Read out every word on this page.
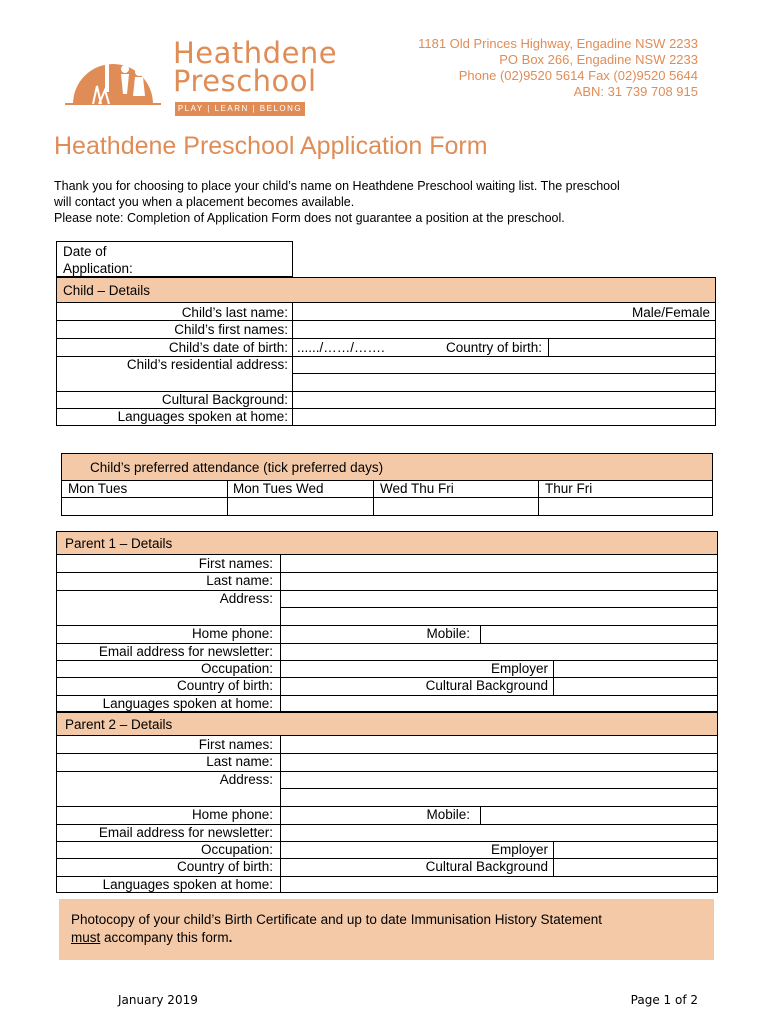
Heathdene
Preschool
PLAY | LEARN | BELONG
1181 Old Princes Highway, Engadine NSW 2233
PO Box 266, Engadine NSW 2233
Phone (02)9520 5614 Fax (02)9520 5644
ABN: 31 739 708 915
Heathdene Preschool Application Form
Thank you for choosing to place your child’s name on Heathdene Preschool waiting list. The preschool
will contact you when a placement becomes available.
Please note: Completion of Application Form does not guarantee a position at the preschool.
Date of
Application:
Child – Details
Child’s last name:	Male/Female
Child’s first names:
Child’s date of birth: ....../……/…….	Country of birth:
Child’s residential address:
Cultural Background:
Languages spoken at home:
Child’s preferred attendance (tick preferred days)
Mon Tues	Mon Tues Wed	Wed Thu Fri	Thur Fri
Parent 1 – Details
First names:
Last name:
Address:
Home phone:	Mobile:
Email address for newsletter:
Occupation:	Employer
Country of birth:	Cultural Background
Languages spoken at home:
Parent 2 – Details
First names:
Last name:
Address:
Home phone:	Mobile:
Email address for newsletter:
Occupation:	Employer
Country of birth:	Cultural Background
Languages spoken at home:
Photocopy of your child’s Birth Certificate and up to date Immunisation History Statement
must accompany this form.
January 2019	Page 1 of 2
